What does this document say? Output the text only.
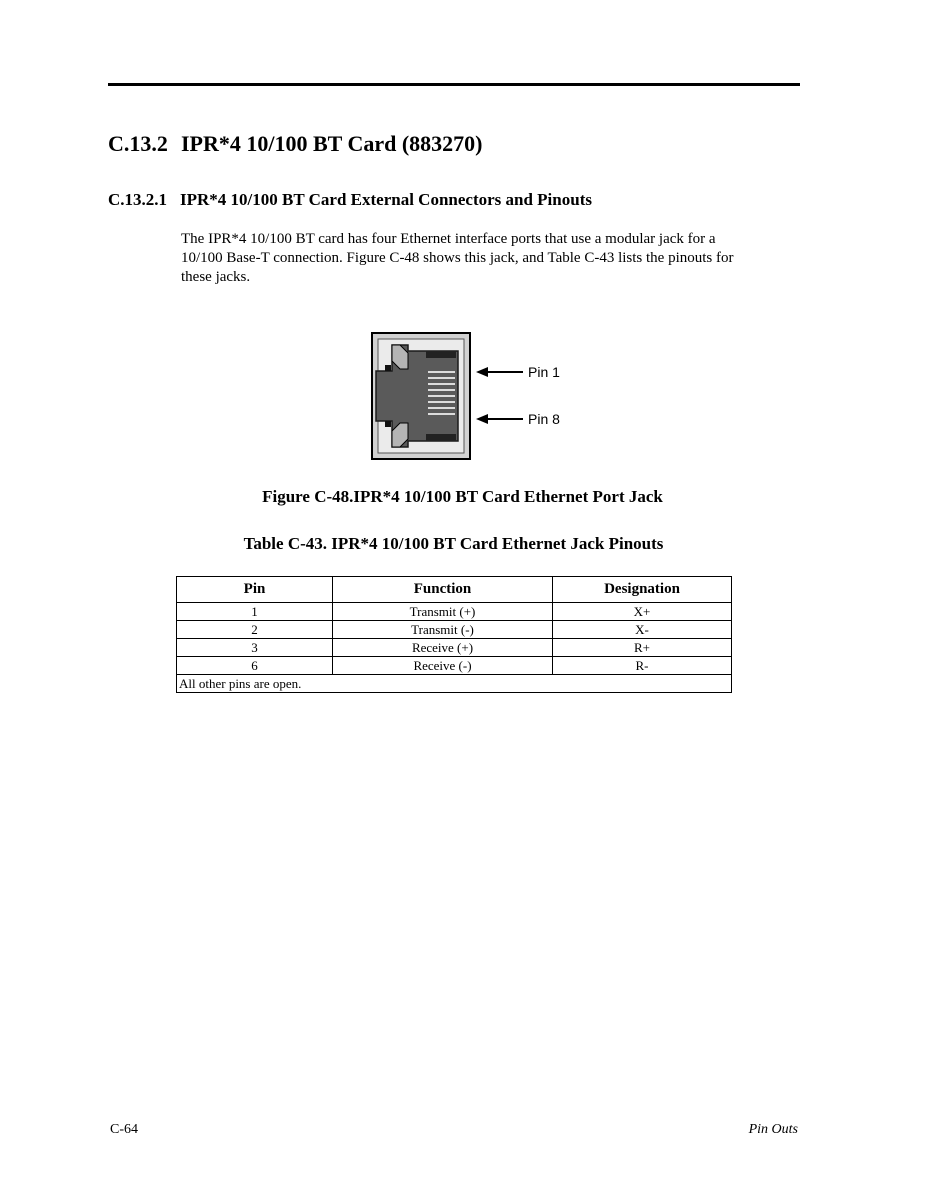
C.13.2 IPR*4 10/100 BT Card (883270)
C.13.2.1 IPR*4 10/100 BT Card External Connectors and Pinouts

The IPR*4 10/100 BT card has four Ethernet interface ports that use a modular jack for a
10/100 Base-T connection. Figure C-48 shows this jack, and Table C-43 lists the pinouts for
these jacks.

Pin 1
Pin 8

Figure C-48.IPR*4 10/100 BT Card Ethernet Port Jack

Table C-43. IPR*4 10/100 BT Card Ethernet Jack Pinouts

Pin	Function	Designation
1	Transmit (+)	X+
2	Transmit (-)	X-
3	Receive (+)	R+
6	Receive (-)	R-
All other pins are open.		
C-64	Pin Outs
